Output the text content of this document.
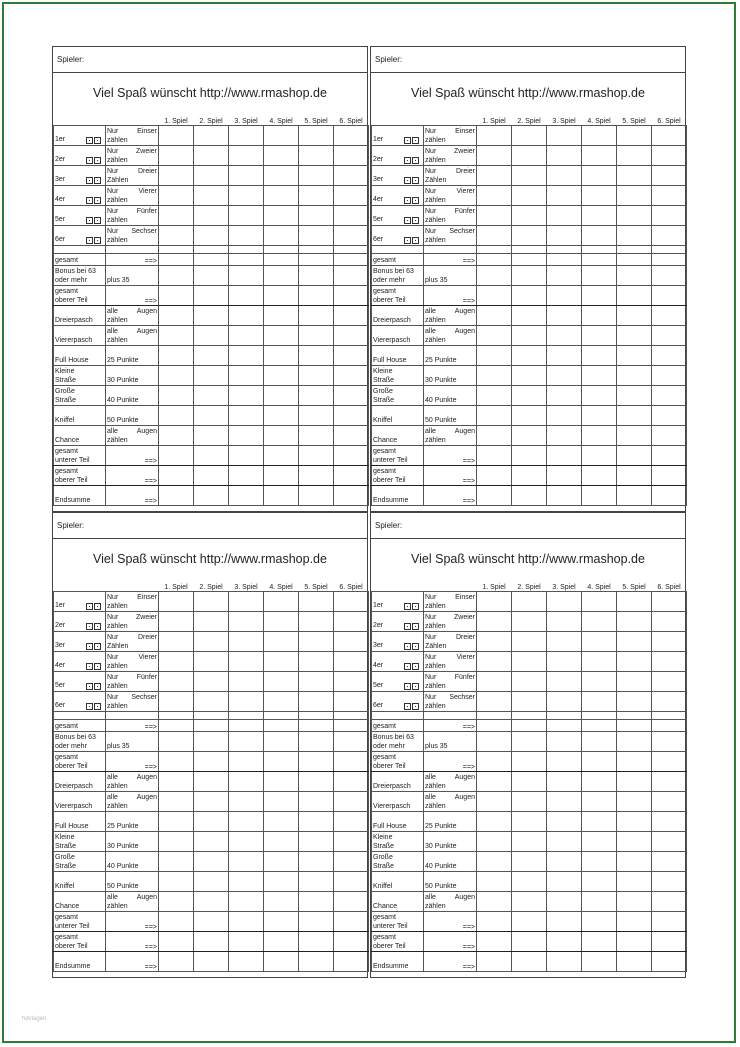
Spieler:
Viel Spaß wünscht http://www.rmashop.de
		1. Spiel	2. Spiel	3. Spiel	4. Spiel	5. Spiel	6. Spiel
1er	Nur Einser
zählen						
2er	Nur Zweier
zählen						
3er	Nur Dreier
Zählen						
4er	Nur Vierer
zählen						
5er	Nur Fünfer
zählen						
6er	Nur Sechser
zählen						

gesamt	==>						
Bonus bei 63
oder mehr	plus 35						
gesamt
oberer Teil	==>						
Dreierpasch	alle Augen
zählen						
Viererpasch	alle Augen
zählen						
Full House	25 Punkte						
Kleine
Straße	30 Punkte						
Große
Straße	40 Punkte						
Kniffel	50 Punkte						
Chance	alle Augen
zählen						
gesamt
unterer Teil	==>						
gesamt
oberer Teil	==>						
Endsumme	==>						
Spieler:
Viel Spaß wünscht http://www.rmashop.de
		1. Spiel	2. Spiel	3. Spiel	4. Spiel	5. Spiel	6. Spiel
1er	Nur Einser
zählen						
2er	Nur Zweier
zählen						
3er	Nur Dreier
Zählen						
4er	Nur Vierer
zählen						
5er	Nur Fünfer
zählen						
6er	Nur Sechser
zählen						

gesamt	==>						
Bonus bei 63
oder mehr	plus 35						
gesamt
oberer Teil	==>						
Dreierpasch	alle Augen
zählen						
Viererpasch	alle Augen
zählen						
Full House	25 Punkte						
Kleine
Straße	30 Punkte						
Große
Straße	40 Punkte						
Kniffel	50 Punkte						
Chance	alle Augen
zählen						
gesamt
unterer Teil	==>						
gesamt
oberer Teil	==>						
Endsumme	==>						
Spieler:
Viel Spaß wünscht http://www.rmashop.de
		1. Spiel	2. Spiel	3. Spiel	4. Spiel	5. Spiel	6. Spiel
1er	Nur Einser
zählen						
2er	Nur Zweier
zählen						
3er	Nur Dreier
Zählen						
4er	Nur Vierer
zählen						
5er	Nur Fünfer
zählen						
6er	Nur Sechser
zählen						

gesamt	==>						
Bonus bei 63
oder mehr	plus 35						
gesamt
oberer Teil	==>						
Dreierpasch	alle Augen
zählen						
Viererpasch	alle Augen
zählen						
Full House	25 Punkte						
Kleine
Straße	30 Punkte						
Große
Straße	40 Punkte						
Kniffel	50 Punkte						
Chance	alle Augen
zählen						
gesamt
unterer Teil	==>						
gesamt
oberer Teil	==>						
Endsumme	==>						
Spieler:
Viel Spaß wünscht http://www.rmashop.de
		1. Spiel	2. Spiel	3. Spiel	4. Spiel	5. Spiel	6. Spiel
1er	Nur Einser
zählen						
2er	Nur Zweier
zählen						
3er	Nur Dreier
Zählen						
4er	Nur Vierer
zählen						
5er	Nur Fünfer
zählen						
6er	Nur Sechser
zählen						

gesamt	==>						
Bonus bei 63
oder mehr	plus 35						
gesamt
oberer Teil	==>						
Dreierpasch	alle Augen
zählen						
Viererpasch	alle Augen
zählen						
Full House	25 Punkte						
Kleine
Straße	30 Punkte						
Große
Straße	40 Punkte						
Kniffel	50 Punkte						
Chance	alle Augen
zählen						
gesamt
unterer Teil	==>						
gesamt
oberer Teil	==>						
Endsumme	==>						
hdvlagen
